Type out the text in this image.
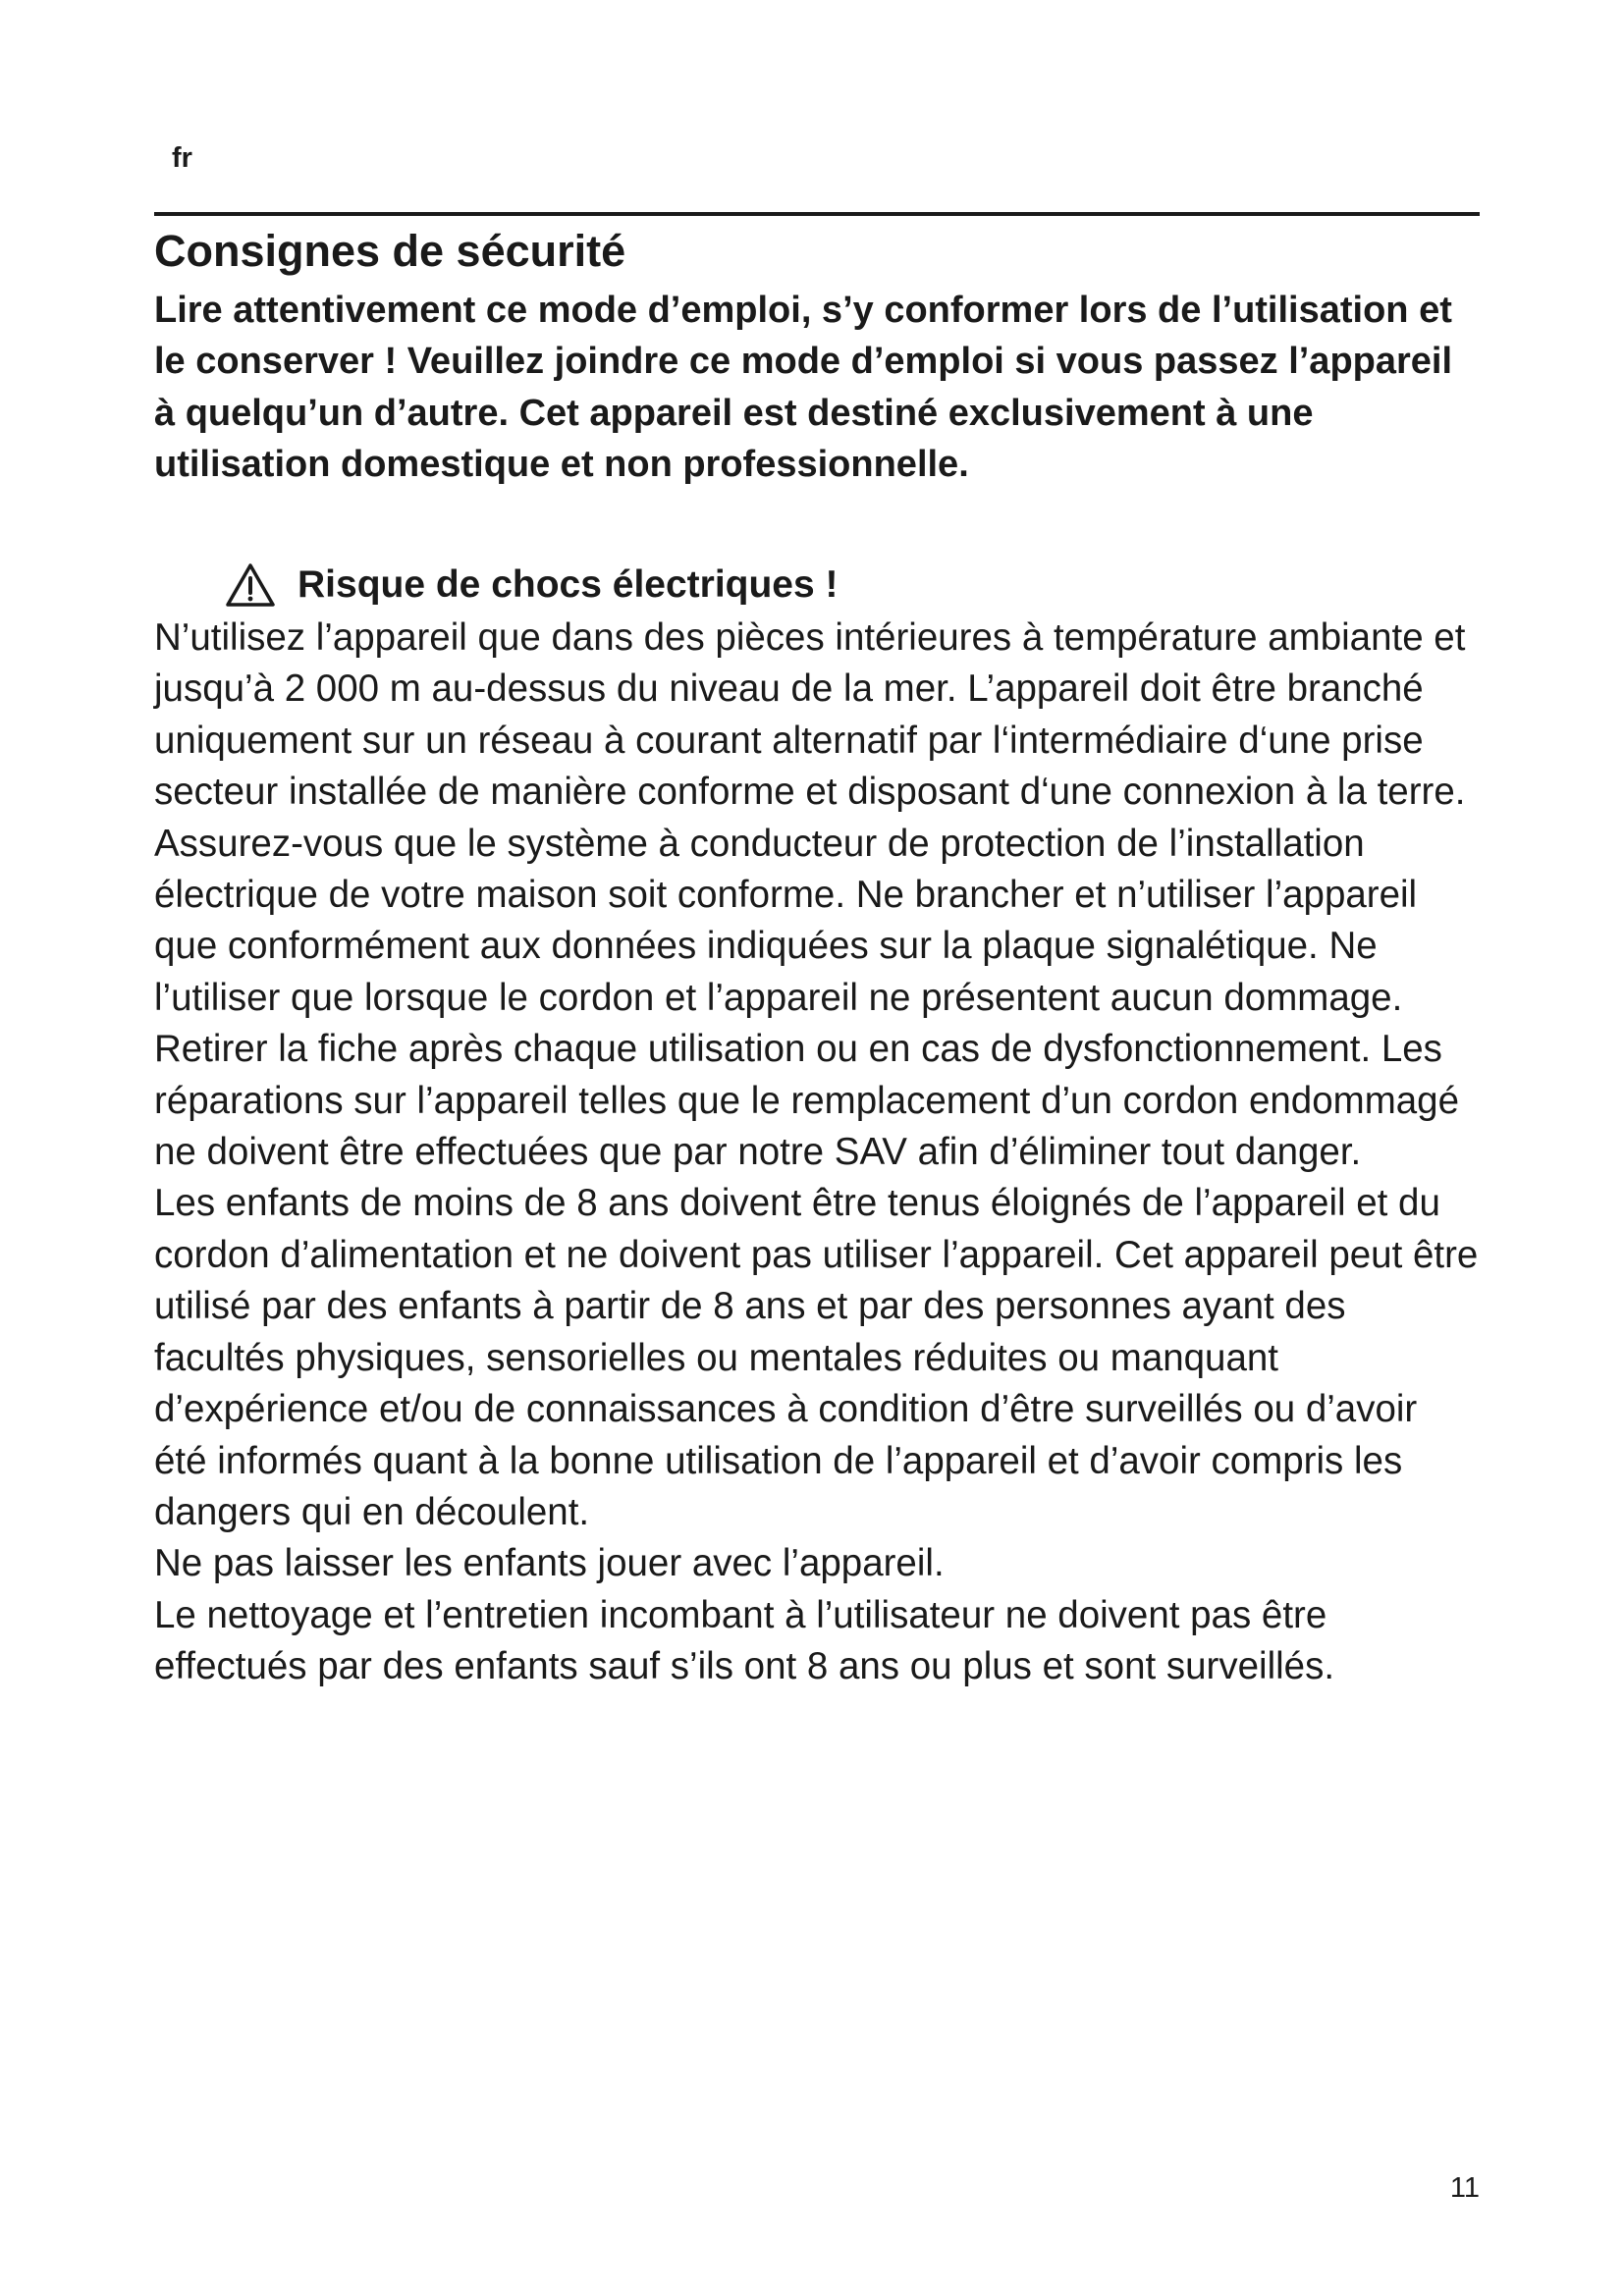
fr
Consignes de sécurité

Lire attentivement ce mode d’emploi, s’y conformer lors de l’utilisation et le conserver ! Veuillez joindre ce mode d’emploi si vous passez l’appareil à quelqu’un d’autre. Cet appareil est destiné exclusivement à une utilisation domestique et non professionnelle.

Risque de chocs électriques !

N’utilisez l’appareil que dans des pièces intérieures à température ambiante et jusqu’à 2 000 m au-dessus du niveau de la mer. L’appareil doit être branché uniquement sur un réseau à courant alternatif par l‘intermédiaire d‘une prise secteur installée de manière conforme et disposant d‘une connexion à la terre. Assurez-vous que le système à conducteur de protection de l’installation électrique de votre maison soit conforme. Ne brancher et n’utiliser l’appareil que conformément aux données indiquées sur la plaque signalétique. Ne l’utiliser que lorsque le cordon et l’appareil ne présentent aucun dommage. Retirer la fiche après chaque utilisation ou en cas de dysfonctionnement. Les réparations sur l’appareil telles que le remplacement d’un cordon endommagé ne doivent être effectuées que par notre SAV afin d’éliminer tout danger.

Les enfants de moins de 8 ans doivent être tenus éloignés de l’appareil et du cordon d’alimentation et ne doivent pas utiliser l’appareil. Cet appareil peut être utilisé par des enfants à partir de 8 ans et par des personnes ayant des facultés physiques, sensorielles ou mentales réduites ou manquant d’expérience et/ou de connaissances à condition d’être surveillés ou d’avoir été informés quant à la bonne utilisation de l’appareil et d’avoir compris les dangers qui en découlent.

Ne pas laisser les enfants jouer avec l’appareil.

Le nettoyage et l’entretien incombant à l’utilisateur ne doivent pas être effectués par des enfants sauf s’ils ont 8 ans ou plus et sont surveillés.

11
